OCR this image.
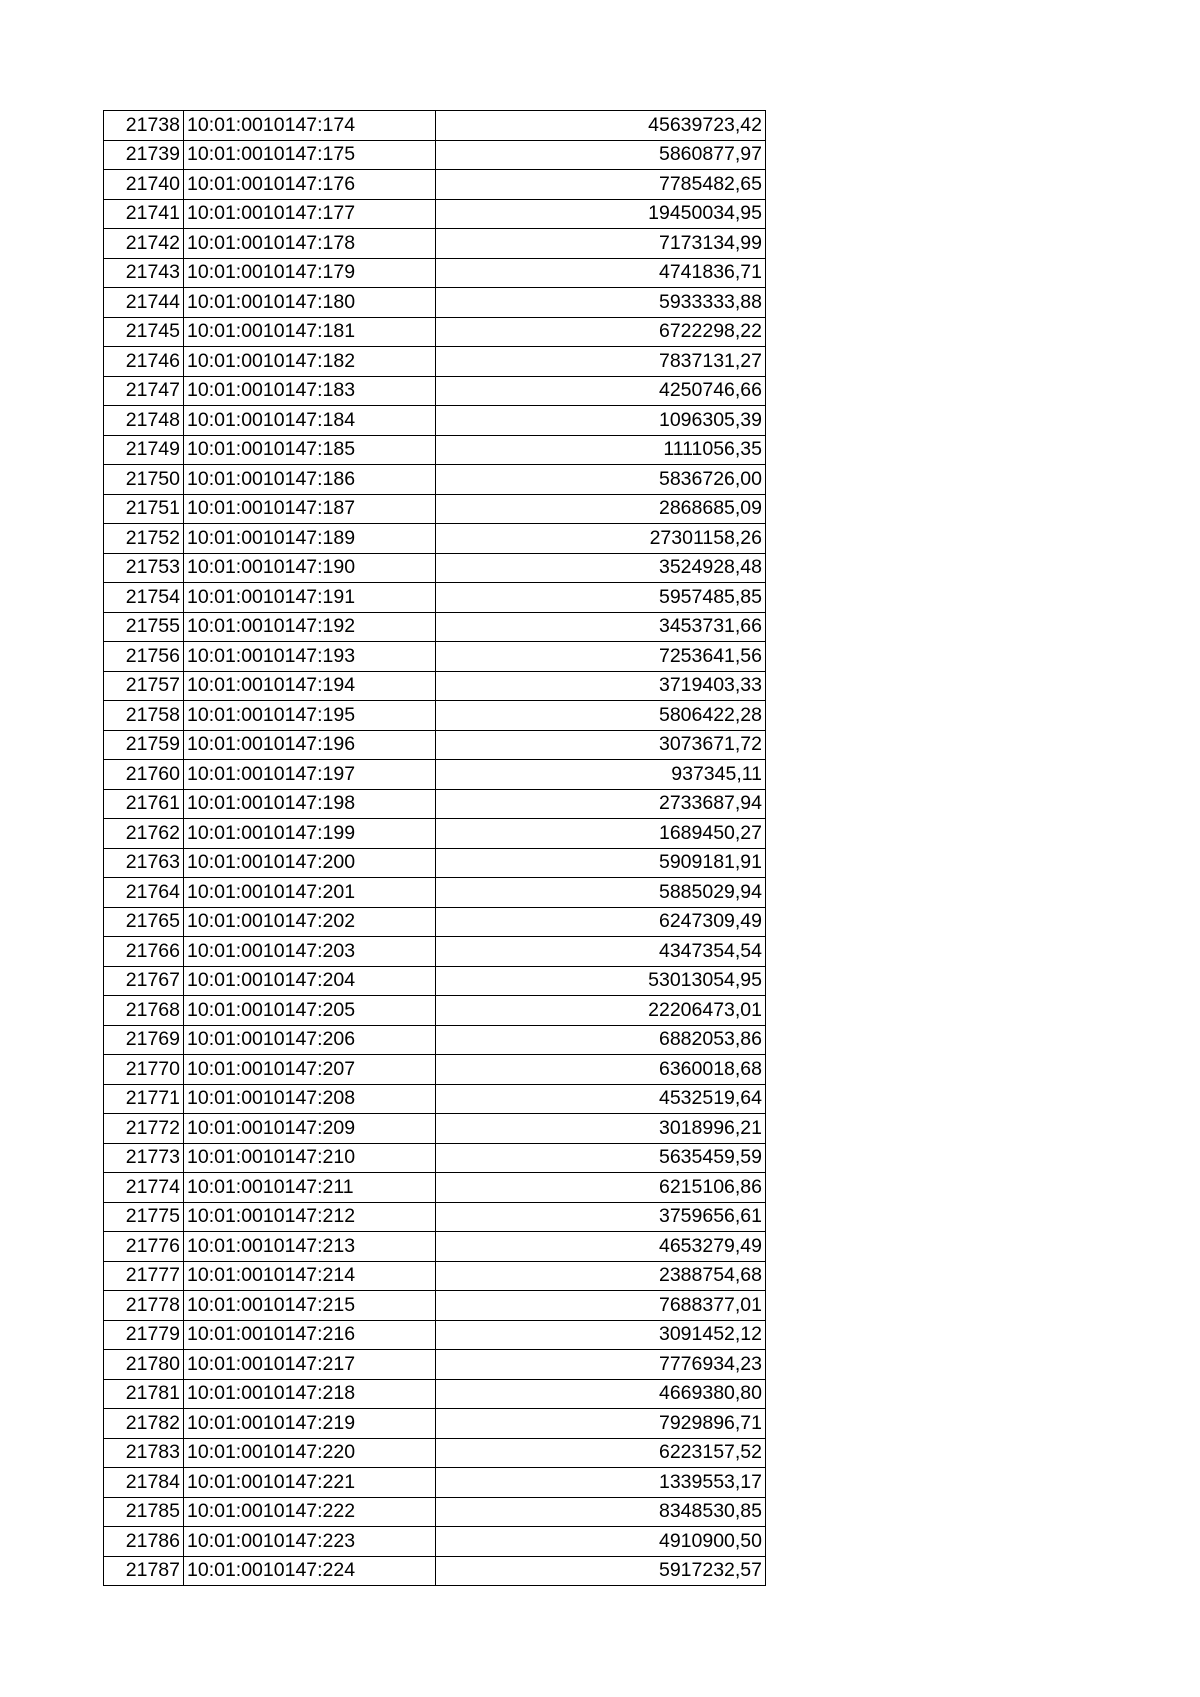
21738	10:01:0010147:174	45639723,42
21739	10:01:0010147:175	5860877,97
21740	10:01:0010147:176	7785482,65
21741	10:01:0010147:177	19450034,95
21742	10:01:0010147:178	7173134,99
21743	10:01:0010147:179	4741836,71
21744	10:01:0010147:180	5933333,88
21745	10:01:0010147:181	6722298,22
21746	10:01:0010147:182	7837131,27
21747	10:01:0010147:183	4250746,66
21748	10:01:0010147:184	1096305,39
21749	10:01:0010147:185	1111056,35
21750	10:01:0010147:186	5836726,00
21751	10:01:0010147:187	2868685,09
21752	10:01:0010147:189	27301158,26
21753	10:01:0010147:190	3524928,48
21754	10:01:0010147:191	5957485,85
21755	10:01:0010147:192	3453731,66
21756	10:01:0010147:193	7253641,56
21757	10:01:0010147:194	3719403,33
21758	10:01:0010147:195	5806422,28
21759	10:01:0010147:196	3073671,72
21760	10:01:0010147:197	937345,11
21761	10:01:0010147:198	2733687,94
21762	10:01:0010147:199	1689450,27
21763	10:01:0010147:200	5909181,91
21764	10:01:0010147:201	5885029,94
21765	10:01:0010147:202	6247309,49
21766	10:01:0010147:203	4347354,54
21767	10:01:0010147:204	53013054,95
21768	10:01:0010147:205	22206473,01
21769	10:01:0010147:206	6882053,86
21770	10:01:0010147:207	6360018,68
21771	10:01:0010147:208	4532519,64
21772	10:01:0010147:209	3018996,21
21773	10:01:0010147:210	5635459,59
21774	10:01:0010147:211	6215106,86
21775	10:01:0010147:212	3759656,61
21776	10:01:0010147:213	4653279,49
21777	10:01:0010147:214	2388754,68
21778	10:01:0010147:215	7688377,01
21779	10:01:0010147:216	3091452,12
21780	10:01:0010147:217	7776934,23
21781	10:01:0010147:218	4669380,80
21782	10:01:0010147:219	7929896,71
21783	10:01:0010147:220	6223157,52
21784	10:01:0010147:221	1339553,17
21785	10:01:0010147:222	8348530,85
21786	10:01:0010147:223	4910900,50
21787	10:01:0010147:224	5917232,57
